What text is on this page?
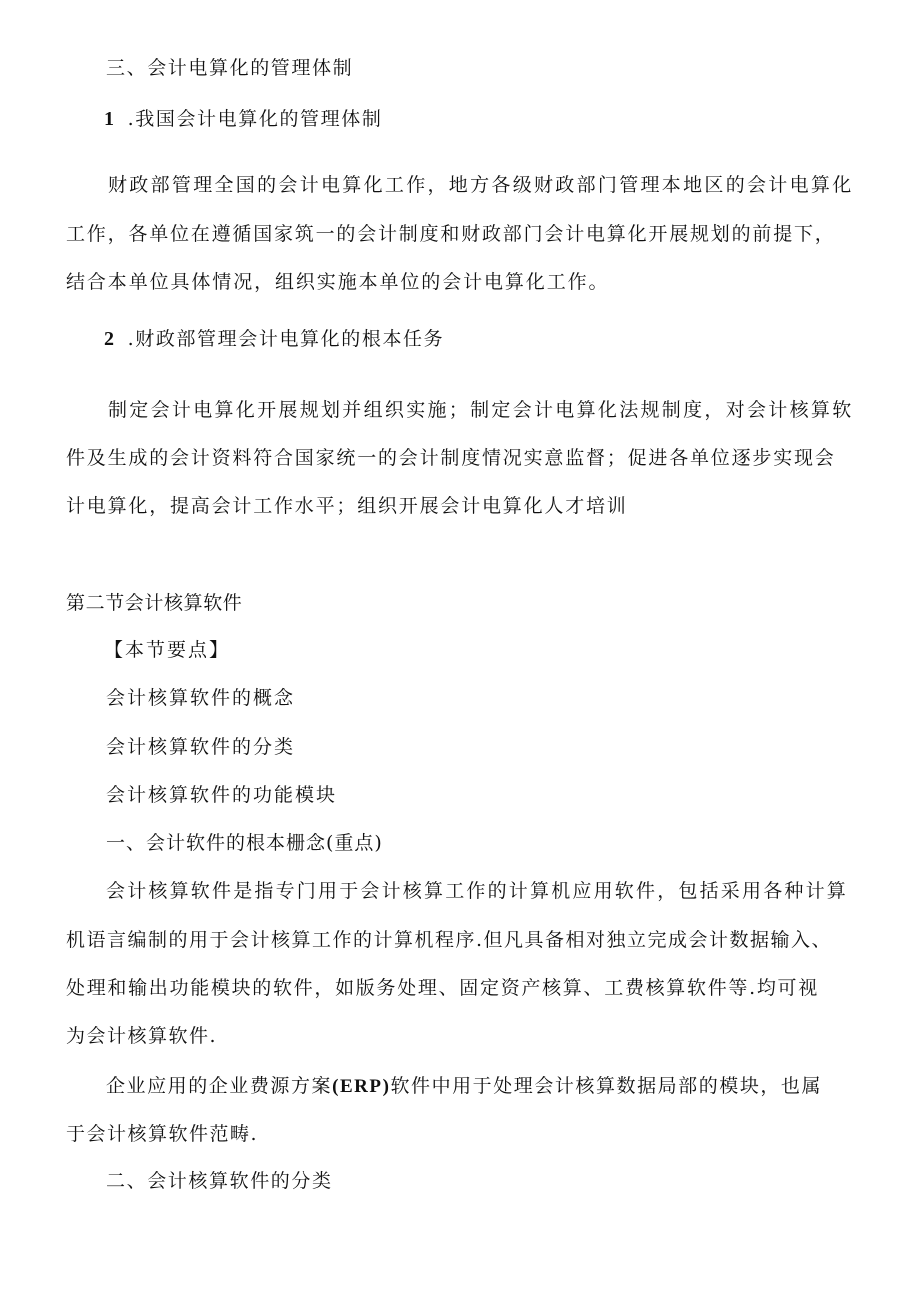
三、会计电算化的管理体制
1 .我国会计电算化的管理体制
财政部管理全国的会计电算化工作，地方各级财政部门管理本地区的会计电算化
工作，各单位在遵循国家筑一的会计制度和财政部门会计电算化开展规划的前提下，
结合本单位具体情况，组织实施本单位的会计电算化工作。
2 .财政部管理会计电算化的根本任务
制定会计电算化开展规划并组织实施；制定会计电算化法规制度，对会计核算软
件及生成的会计资料符合国家统一的会计制度情况实意监督；促进各单位逐步实现会
计电算化，提高会计工作水平；组织开展会计电算化人才培训
第二节会计核算软件
【本节要点】
会计核算软件的概念
会计核算软件的分类
会计核算软件的功能模块
一、会计软件的根本栅念(重点)
会计核算软件是指专门用于会计核算工作的计算机应用软件，包括采用各种计算
机语言编制的用于会计核算工作的计算机程序.但凡具备相对独立完成会计数据输入、
处理和输出功能模块的软件，如版务处理、固定资产核算、工费核算软件等.均可视
为会计核算软件.
企业应用的企业费源方案(ERP)软件中用于处理会计核算数据局部的模块，也属
于会计核算软件范畴.
二、会计核算软件的分类
